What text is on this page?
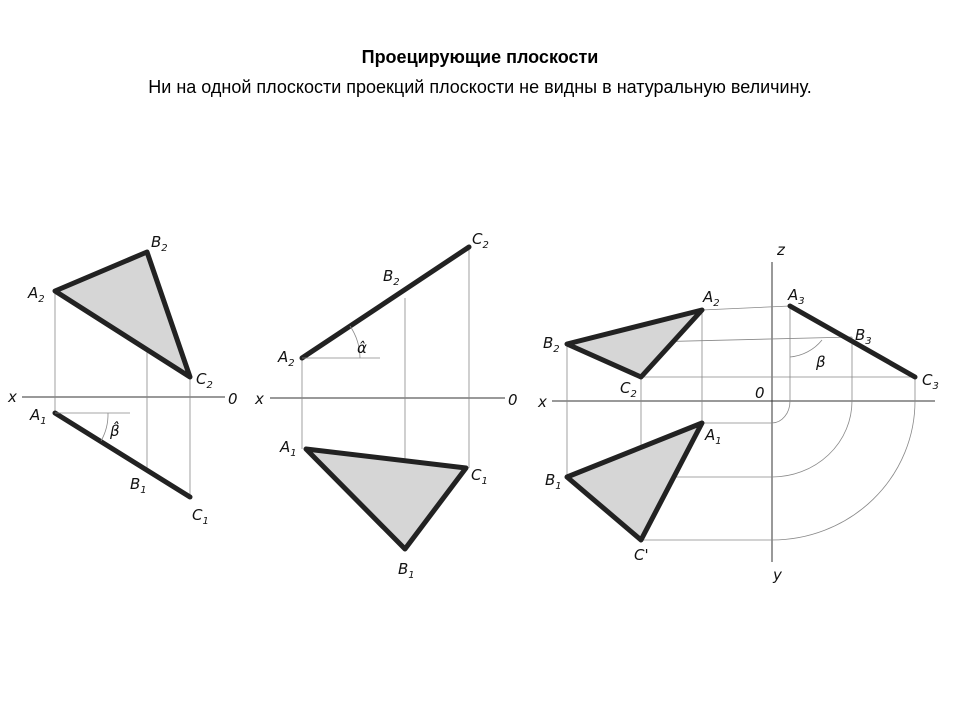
Проецирующие плоскости

Ни на одной плоскости проекций плоскости не видны в натуральную величину.

$A_2$
$B_2$
$C_2$
$A_1$
$B_1$
$C_1$
x	0
β̂
$A_2$
$B_2$
$C_2$
$A_1$
$B_1$
$C_1$
x	0
α̂
$A_2$
$B_2$
$C_2$
$A_3$
$B_3$
$C_3$
$A_1$
$B_1$
C'
x	0
z
y
β
